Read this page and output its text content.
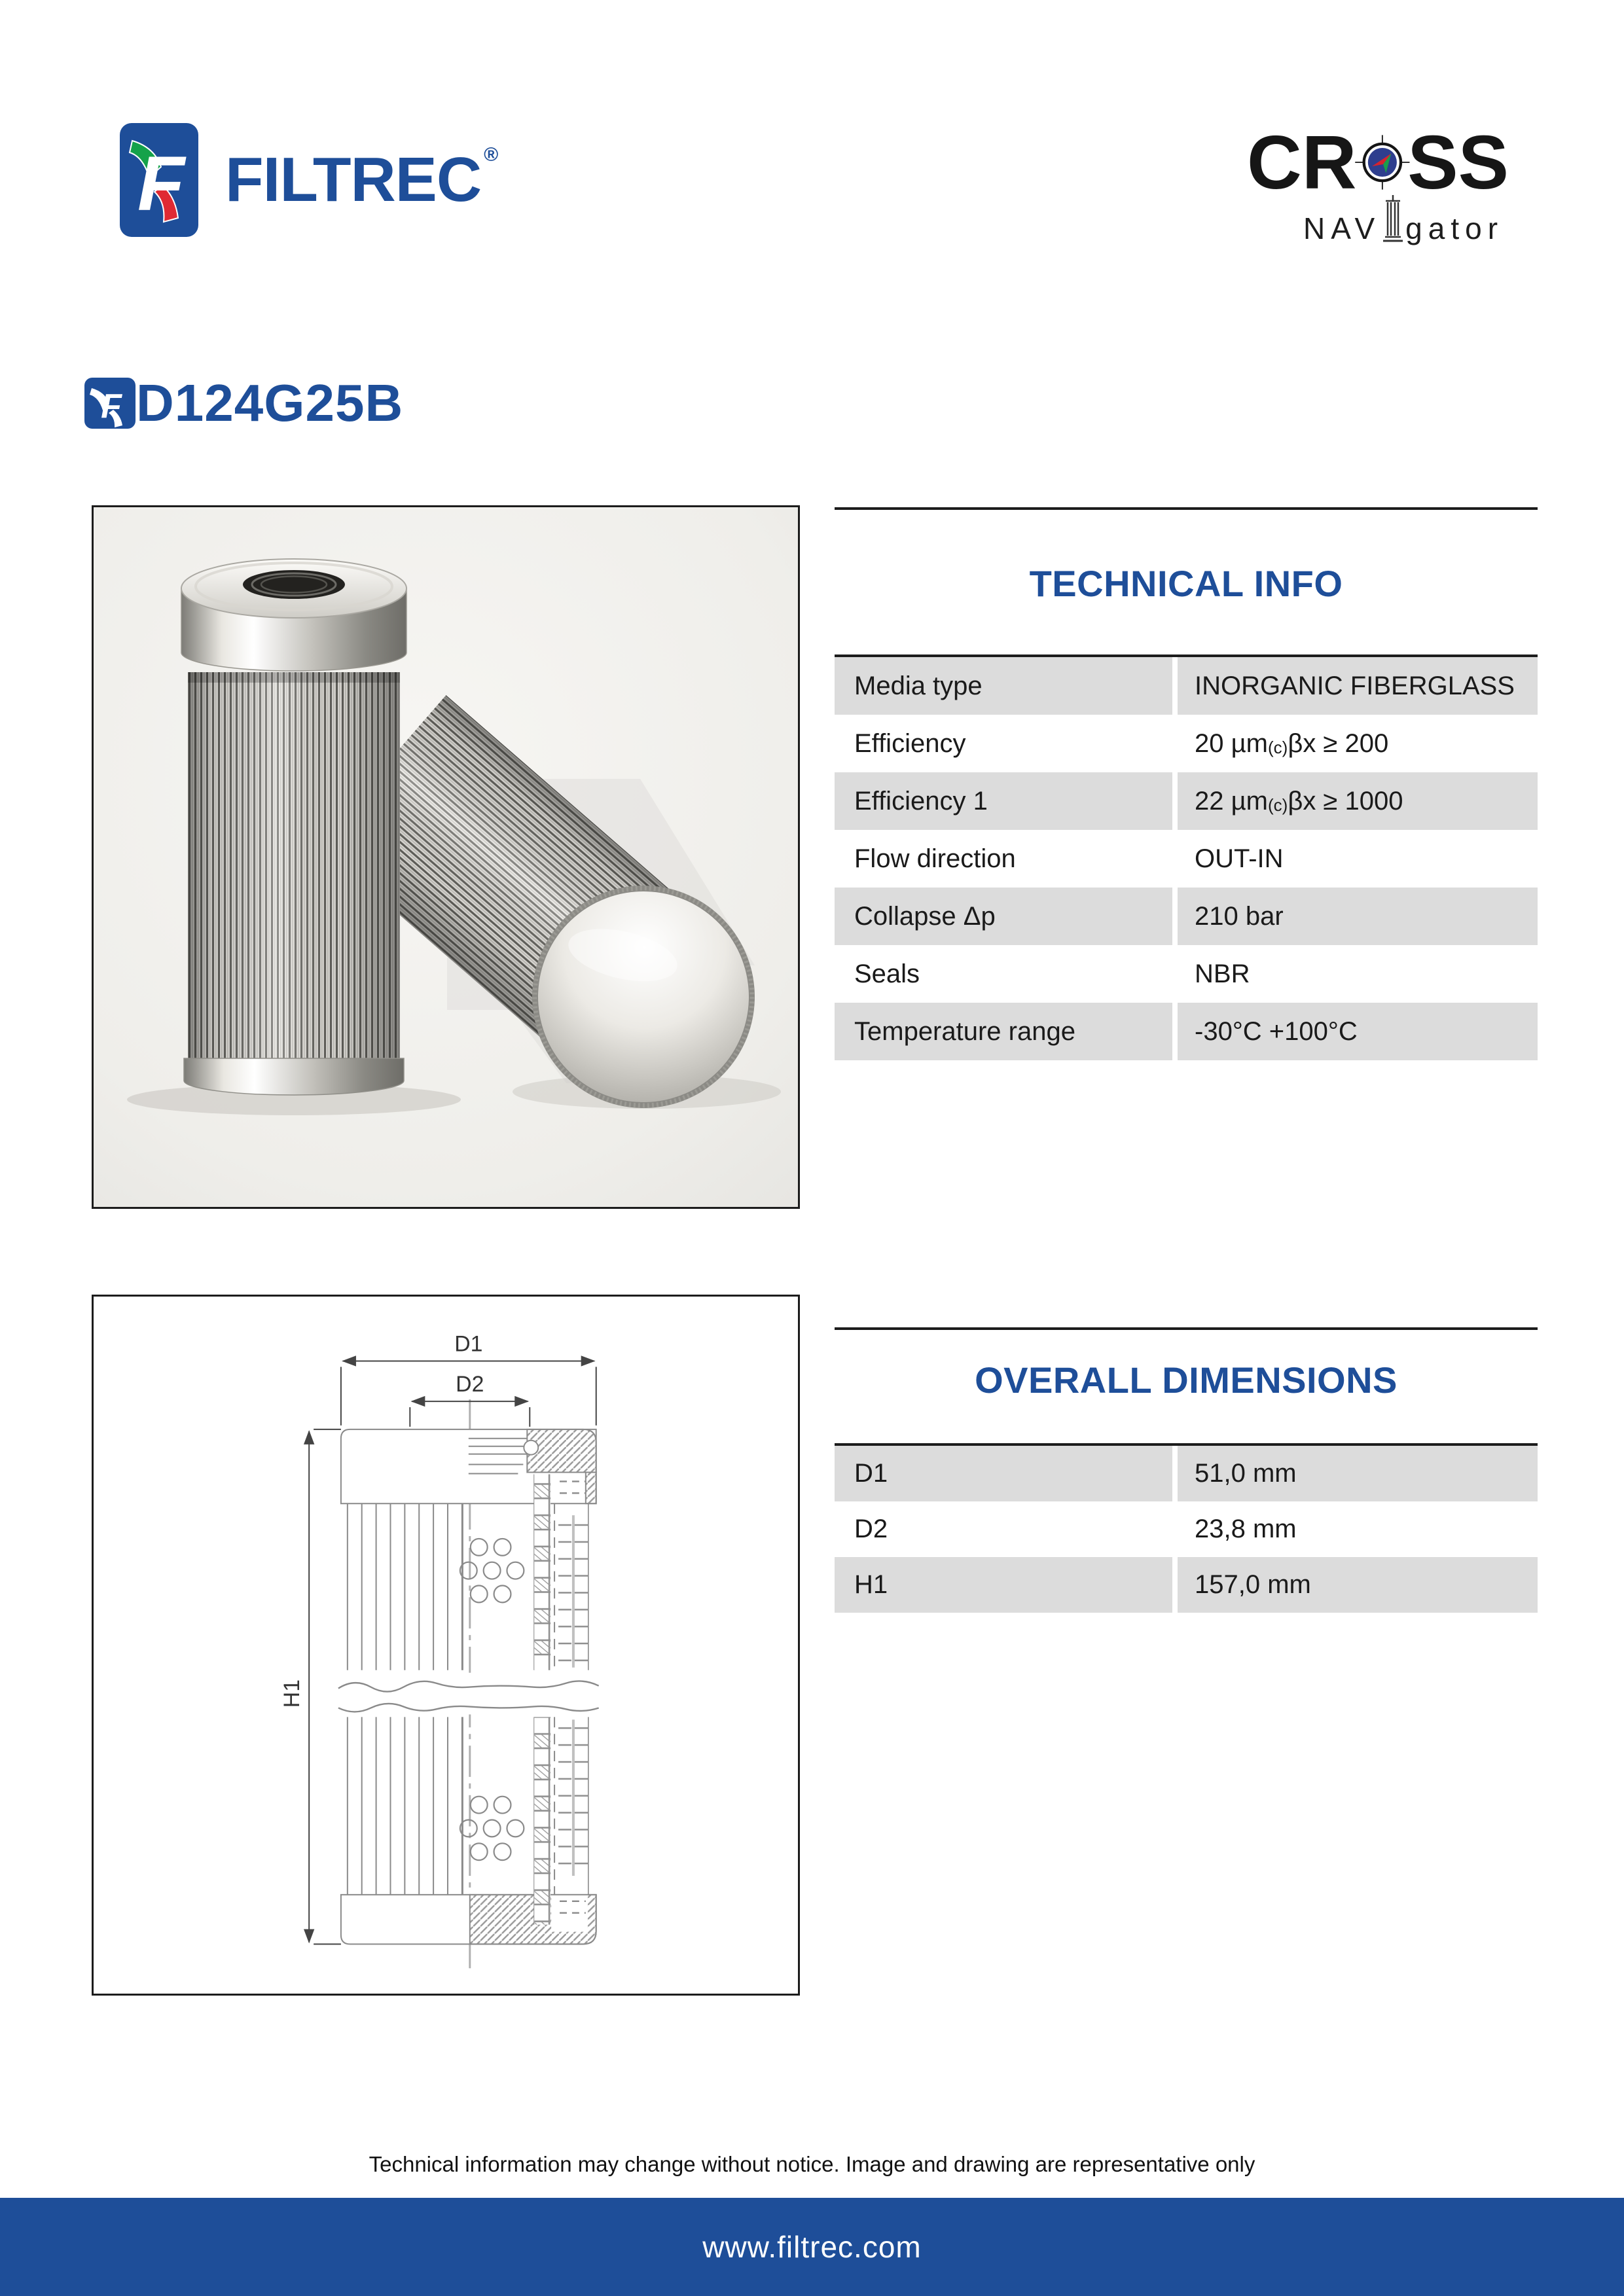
F FILTREC ®	CR SS
NAV gator
F D124G25B
TECHNICAL INFO
Media type	INORGANIC FIBERGLASS
Efficiency	20 µm$_{(c)}$ βx ≥ 200
Efficiency 1	22 µm$_{(c)}$ βx ≥ 1000
Flow direction	OUT-IN
Collapse Δp	210 bar
Seals	NBR
Temperature range	-30°C +100°C
D1
D2
H1
OVERALL DIMENSIONS
D1	51,0 mm
D2	23,8 mm
H1	157,0 mm

Technical information may change without notice. Image and drawing are representative only

www.filtrec.com
